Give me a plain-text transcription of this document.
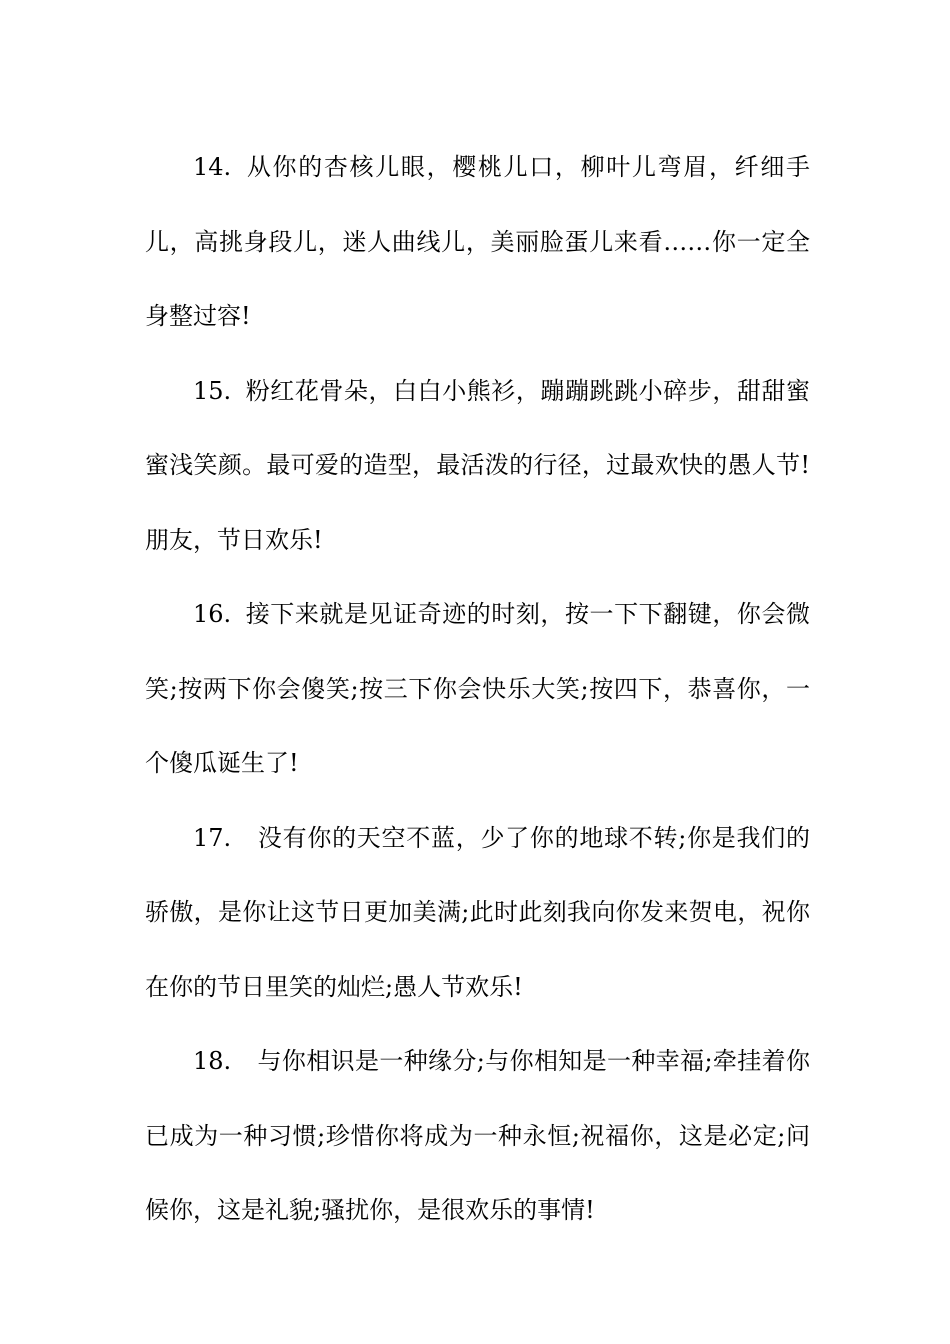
14. 从你的杏核儿眼，樱桃儿口，柳叶儿弯眉，纤细手儿，高挑身段儿，迷人曲线儿，美丽脸蛋儿来看……你一定全身整过容!

15. 粉红花骨朵，白白小熊衫，蹦蹦跳跳小碎步，甜甜蜜蜜浅笑颜。最可爱的造型，最活泼的行径，过最欢快的愚人节!朋友，节日欢乐!

16. 接下来就是见证奇迹的时刻，按一下下翻键，你会微笑;按两下你会傻笑;按三下你会快乐大笑;按四下，恭喜你，一个傻瓜诞生了!

17. 没有你的天空不蓝，少了你的地球不转;你是我们的骄傲，是你让这节日更加美满;此时此刻我向你发来贺电，祝你在你的节日里笑的灿烂;愚人节欢乐!

18. 与你相识是一种缘分;与你相知是一种幸福;牵挂着你已成为一种习惯;珍惜你将成为一种永恒;祝福你，这是必定;问候你，这是礼貌;骚扰你，是很欢乐的事情!
